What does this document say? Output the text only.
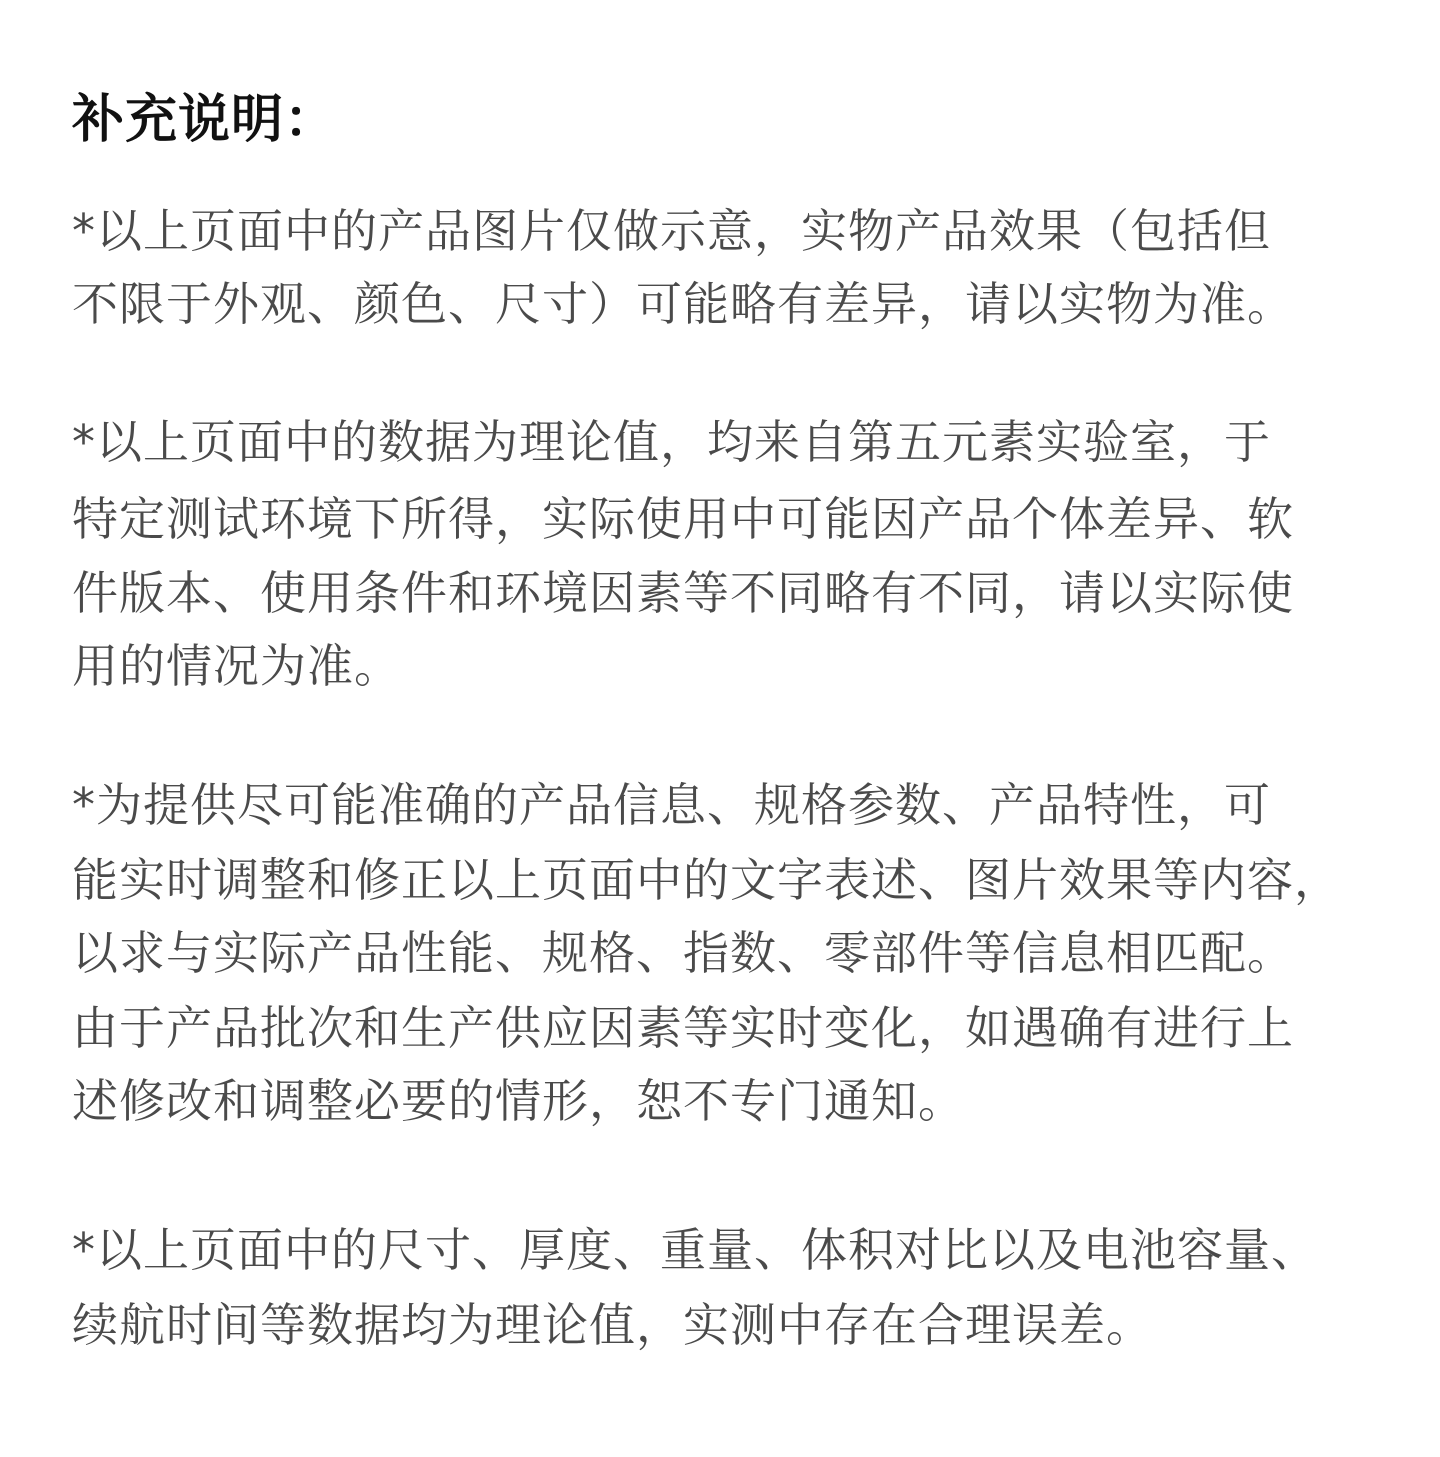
补充说明：
*以上页面中的产品图片仅做示意，实物产品效果（包括但
不限于外观、颜色、尺寸）可能略有差异，请以实物为准。
*以上页面中的数据为理论值，均来自第五元素实验室，于
特定测试环境下所得，实际使用中可能因产品个体差异、软
件版本、使用条件和环境因素等不同略有不同，请以实际使
用的情况为准。
*为提供尽可能准确的产品信息、规格参数、产品特性，可
能实时调整和修正以上页面中的文字表述、图片效果等内容，
以求与实际产品性能、规格、指数、零部件等信息相匹配。
由于产品批次和生产供应因素等实时变化，如遇确有进行上
述修改和调整必要的情形，恕不专门通知。
*以上页面中的尺寸、厚度、重量、体积对比以及电池容量、
续航时间等数据均为理论值，实测中存在合理误差。
